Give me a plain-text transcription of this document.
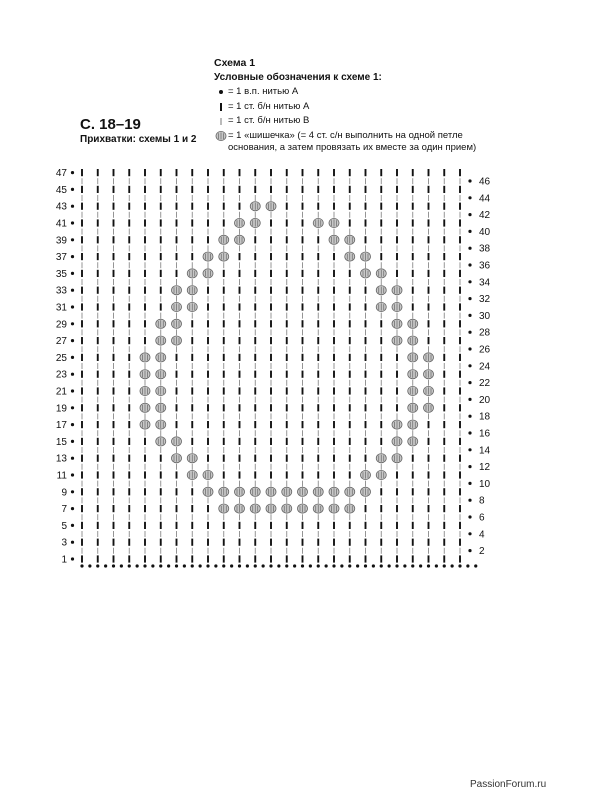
Схема 1
Условные обозначения к схеме 1:
= 1 в.п. нитью А
= 1 ст. б/н нитью А
= 1 ст. б/н нитью В
= 1 «шишечка» (= 4 ст. с/н выполнить на одной петле основания, а затем провязать их вместе за один прием)
С. 18–19
Прихватки: схемы 1 и 2
1
3
5
7
9
11
13
15
17
19
21
23
25
27
29
31
33
35
37
39
41
43
45
47
2
4
6
8
10
12
14
16
18
20
22
24
26
28
30
32
34
36
38
40
42
44
46
PassionForum.ru
